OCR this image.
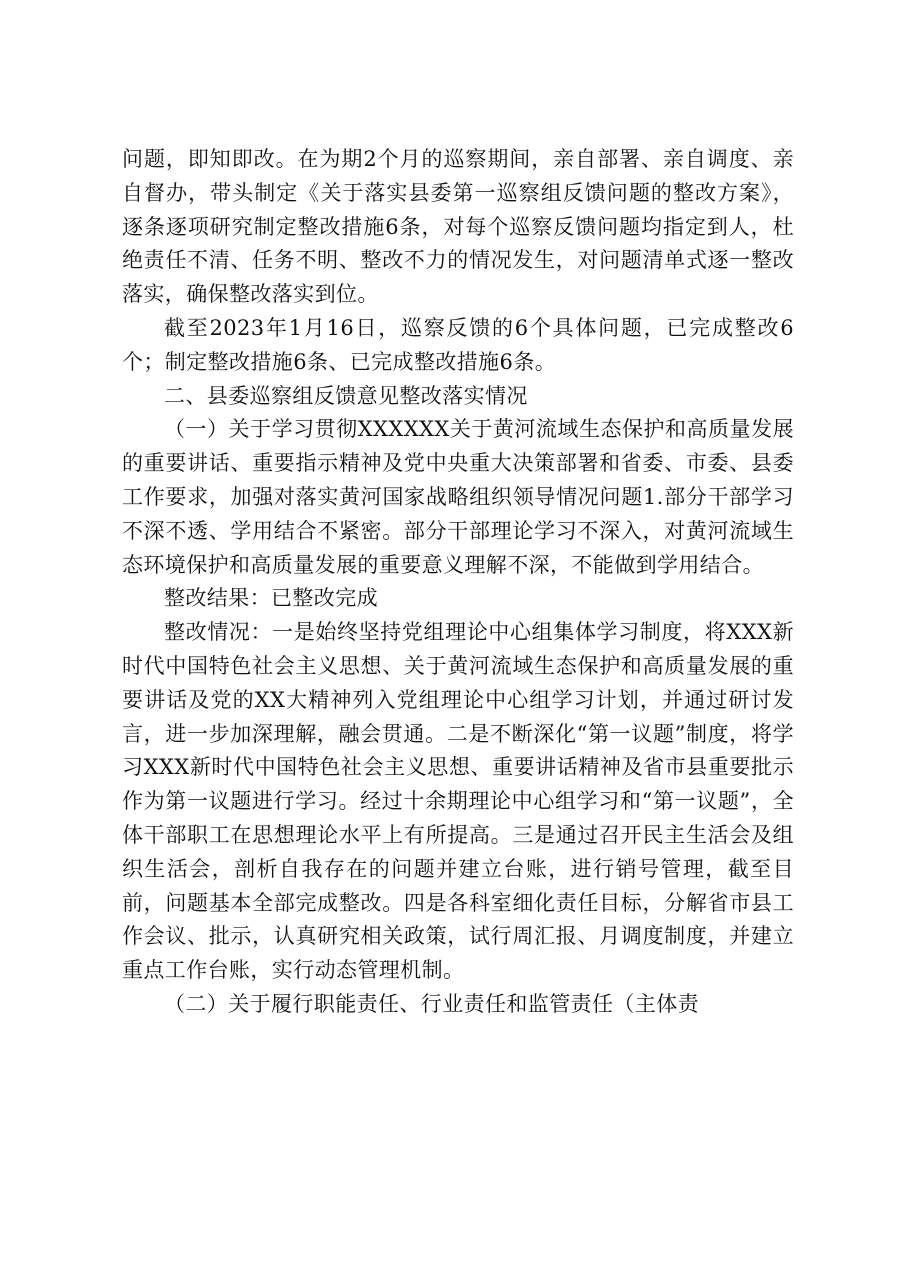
问题，即知即改。在为期2个月的巡察期间，亲自部署、亲自调度、亲自督办，带头制定《关于落实县委第一巡察组反馈问题的整改方案》，逐条逐项研究制定整改措施6条，对每个巡察反馈问题均指定到人，杜绝责任不清、任务不明、整改不力的情况发生，对问题清单式逐一整改落实，确保整改落实到位。

截至2023年1月16日，巡察反馈的6个具体问题，已完成整改6个；制定整改措施6条、已完成整改措施6条。

二、县委巡察组反馈意见整改落实情况

（一）关于学习贯彻XXXXXX关于黄河流域生态保护和高质量发展的重要讲话、重要指示精神及党中央重大决策部署和省委、市委、县委工作要求，加强对落实黄河国家战略组织领导情况问题1.部分干部学习不深不透、学用结合不紧密。部分干部理论学习不深入，对黄河流域生态环境保护和高质量发展的重要意义理解不深，不能做到学用结合。

整改结果：已整改完成

整改情况：一是始终坚持党组理论中心组集体学习制度，将XXX新时代中国特色社会主义思想、关于黄河流域生态保护和高质量发展的重要讲话及党的XX大精神列入党组理论中心组学习计划，并通过研讨发言，进一步加深理解，融会贯通。二是不断深化“第一议题”制度，将学习XXX新时代中国特色社会主义思想、重要讲话精神及省市县重要批示作为第一议题进行学习。经过十余期理论中心组学习和“第一议题”，全体干部职工在思想理论水平上有所提高。三是通过召开民主生活会及组织生活会，剖析自我存在的问题并建立台账，进行销号管理，截至目前，问题基本全部完成整改。四是各科室细化责任目标，分解省市县工作会议、批示，认真研究相关政策，试行周汇报、月调度制度，并建立重点工作台账，实行动态管理机制。

（二）关于履行职能责任、行业责任和监管责任（主体责
